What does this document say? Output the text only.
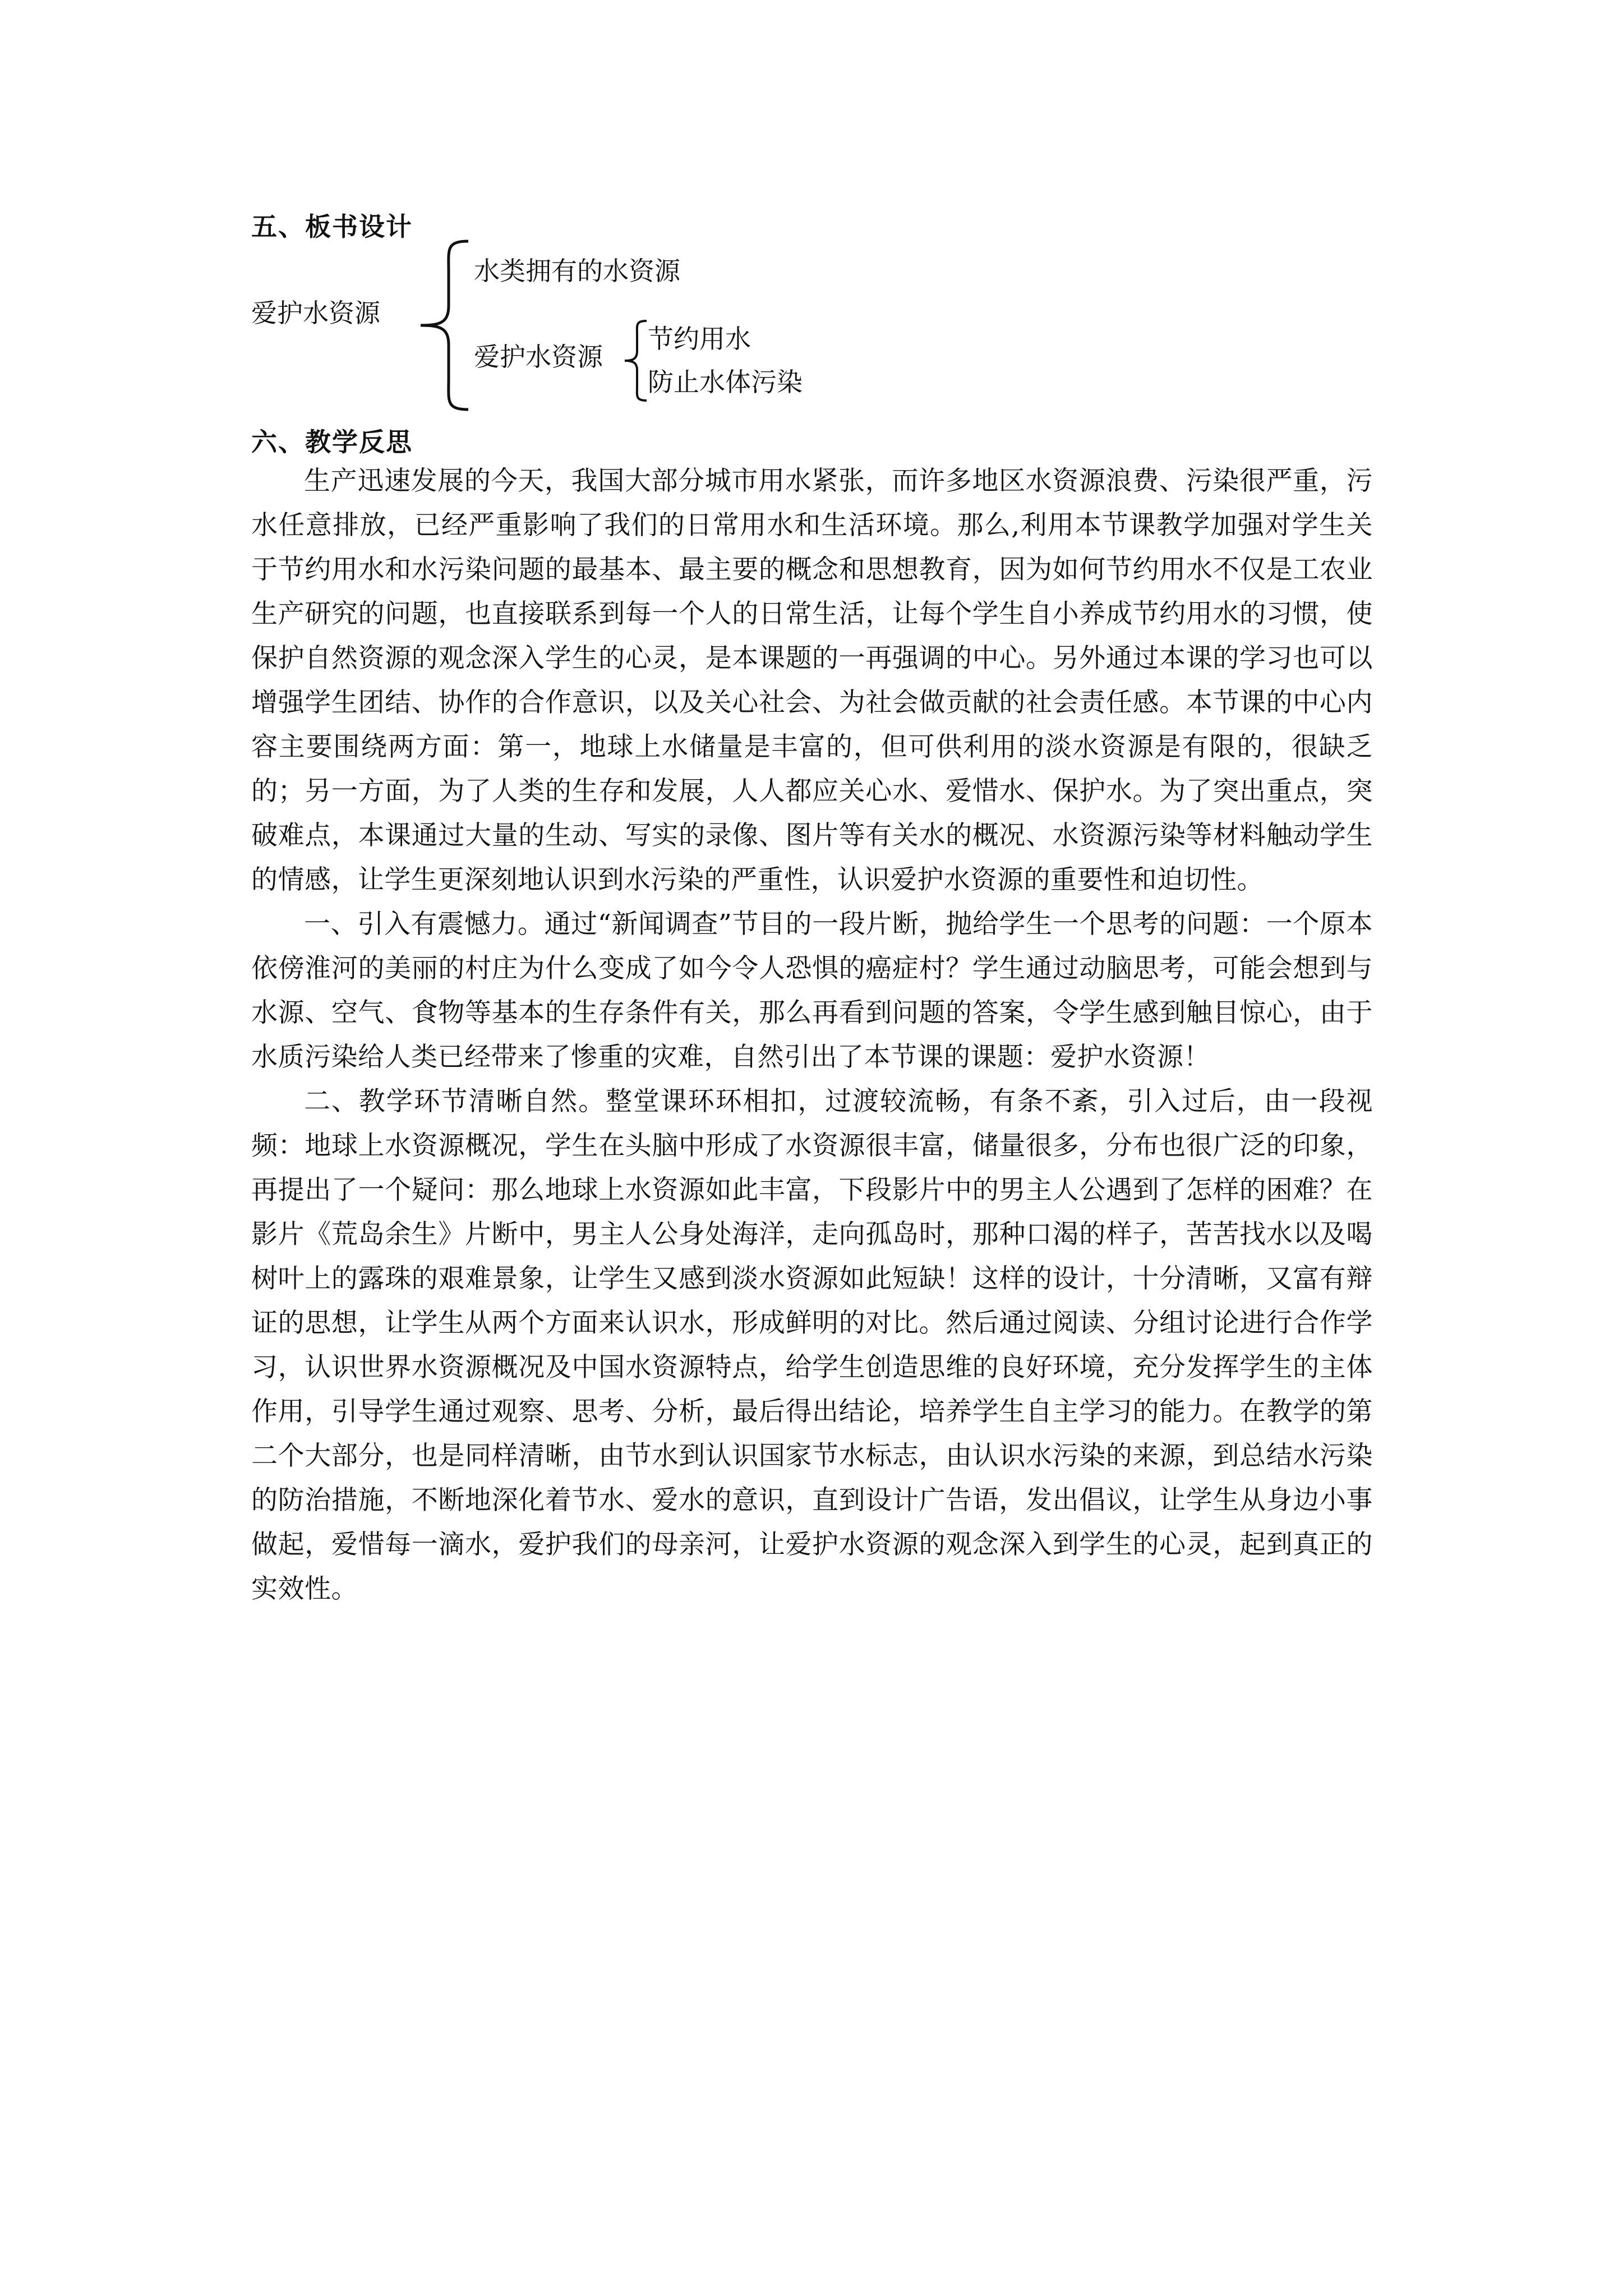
五、板书设计
爱护水资源
水类拥有的水资源
爱护水资源
节约用水
防止水体污染
六、教学反思

生产迅速发展的今天，我国大部分城市用水紧张，而许多地区水资源浪费、污染很严重，污水任意排放，已经严重影响了我们的日常用水和生活环境。那么,利用本节课教学加强对学生关于节约用水和水污染问题的最基本、最主要的概念和思想教育，因为如何节约用水不仅是工农业生产研究的问题，也直接联系到每一个人的日常生活，让每个学生自小养成节约用水的习惯，使保护自然资源的观念深入学生的心灵，是本课题的一再强调的中心。另外通过本课的学习也可以增强学生团结、协作的合作意识，以及关心社会、为社会做贡献的社会责任感。本节课的中心内容主要围绕两方面：第一，地球上水储量是丰富的，但可供利用的淡水资源是有限的，很缺乏的；另一方面，为了人类的生存和发展，人人都应关心水、爱惜水、保护水。为了突出重点，突破难点，本课通过大量的生动、写实的录像、图片等有关水的概况、水资源污染等材料触动学生的情感，让学生更深刻地认识到水污染的严重性，认识爱护水资源的重要性和迫切性。

一、引入有震憾力。通过“新闻调查”节目的一段片断，抛给学生一个思考的问题：一个原本依傍淮河的美丽的村庄为什么变成了如今令人恐惧的癌症村？学生通过动脑思考，可能会想到与水源、空气、食物等基本的生存条件有关，那么再看到问题的答案，令学生感到触目惊心，由于水质污染给人类已经带来了惨重的灾难，自然引出了本节课的课题：爱护水资源！

二、教学环节清晰自然。整堂课环环相扣，过渡较流畅，有条不紊，引入过后，由一段视频：地球上水资源概况，学生在头脑中形成了水资源很丰富，储量很多，分布也很广泛的印象，再提出了一个疑问：那么地球上水资源如此丰富，下段影片中的男主人公遇到了怎样的困难？在影片《荒岛余生》片断中，男主人公身处海洋，走向孤岛时，那种口渴的样子，苦苦找水以及喝树叶上的露珠的艰难景象，让学生又感到淡水资源如此短缺！这样的设计，十分清晰，又富有辩证的思想，让学生从两个方面来认识水，形成鲜明的对比。然后通过阅读、分组讨论进行合作学习，认识世界水资源概况及中国水资源特点，给学生创造思维的良好环境，充分发挥学生的主体作用，引导学生通过观察、思考、分析，最后得出结论，培养学生自主学习的能力。在教学的第二个大部分，也是同样清晰，由节水到认识国家节水标志，由认识水污染的来源，到总结水污染的防治措施，不断地深化着节水、爱水的意识，直到设计广告语，发出倡议，让学生从身边小事做起，爱惜每一滴水，爱护我们的母亲河，让爱护水资源的观念深入到学生的心灵，起到真正的实效性。
